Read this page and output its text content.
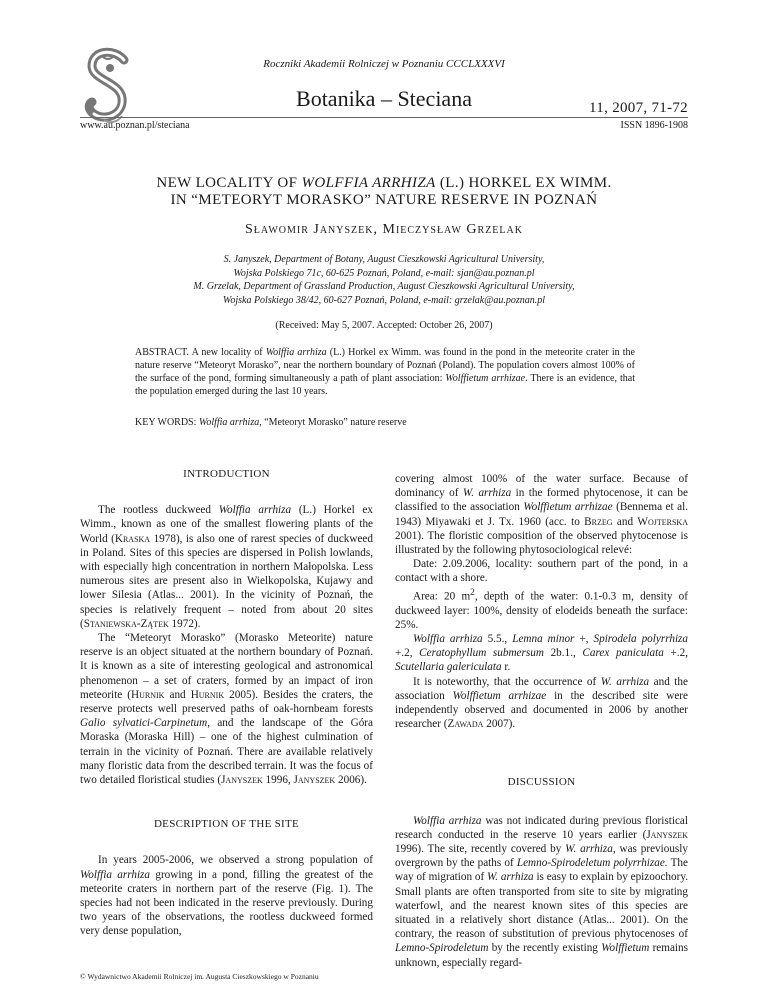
Roczniki Akademii Rolniczej w Poznaniu CCCLXXXVI
Botanika – Steciana	11, 2007, 71-72
www.au.poznan.pl/steciana	ISSN 1896-1908
NEW LOCALITY OF WOLFFIA ARRHIZA (L.) HORKEL EX WIMM.
IN “METEORYT MORASKO” NATURE RESERVE IN POZNAŃ
Sławomir Janyszek, Mieczysław Grzelak
S. Janyszek, Department of Botany, August Cieszkowski Agricultural University,
Wojska Polskiego 71c, 60-625 Poznań, Poland, e-mail: sjan@au.poznan.pl
M. Grzelak, Department of Grassland Production, August Cieszkowski Agricultural University,
Wojska Polskiego 38/42, 60-627 Poznań, Poland, e-mail: grzelak@au.poznan.pl
(Received: May 5, 2007. Accepted: October 26, 2007)
ABSTRACT. A new locality of Wolffia arrhiza (L.) Horkel ex Wimm. was found in the pond in the meteorite crater in the nature reserve “Meteoryt Morasko”, near the northern boundary of Poznań (Poland). The population covers almost 100% of the surface of the pond, forming simultaneously a path of plant association: Wolffietum arrhizae. There is an evidence, that the population emerged during the last 10 years.
KEY WORDS: Wolffia arrhiza, “Meteoryt Morasko” nature reserve
INTRODUCTION

The rootless duckweed Wolffia arrhiza (L.) Horkel ex Wimm., known as one of the smallest flowering plants of the World (Kraska 1978), is also one of rarest species of duckweed in Poland. Sites of this species are dispersed in Polish lowlands, with especially high concentration in northern Małopolska. Less numerous sites are present also in Wielkopolska, Kujawy and lower Silesia (Atlas... 2001). In the vicinity of Poznań, the species is relatively frequent – noted from about 20 sites (Staniewska-Zątek 1972).

The “Meteoryt Morasko” (Morasko Meteorite) nature reserve is an object situated at the northern boundary of Poznań. It is known as a site of interesting geological and astronomical phenomenon – a set of craters, formed by an impact of iron meteorite (Hurnik and Hurnik 2005). Besides the craters, the reserve protects well preserved paths of oak-hornbeam forests Galio sylvatici-Carpinetum, and the landscape of the Góra Moraska (Moraska Hill) – one of the highest culmination of terrain in the vicinity of Poznań. There are available relatively many floristic data from the described terrain. It was the focus of two detailed floristical studies (Janyszek 1996, Janyszek 2006).

DESCRIPTION OF THE SITE

In years 2005-2006, we observed a strong population of Wolffia arrhiza growing in a pond, filling the greatest of the meteorite craters in northern part of the reserve (Fig. 1). The species had not been indicated in the reserve previously. During two years of the observations, the rootless duckweed formed very dense population,

covering almost 100% of the water surface. Because of dominancy of W. arrhiza in the formed phytocenose, it can be classified to the association Wolffietum arrhizae (Bennema et al. 1943) Miyawaki et J. Tx. 1960 (acc. to Brzeg and Wojterska 2001). The floristic composition of the observed phytocenose is illustrated by the following phytosociological relevé:

Date: 2.09.2006, locality: southern part of the pond, in a contact with a shore.

Area: 20 $m^2$, depth of the water: 0.1-0.3 m, density of duckweed layer: 100%, density of elodeids beneath the surface: 25%.

Wolffia arrhiza 5.5., Lemna minor +, Spirodela polyrrhiza +.2, Ceratophyllum submersum 2b.1., Carex paniculata +.2, Scutellaria galericulata r.

It is noteworthy, that the occurrence of W. arrhiza and the association Wolffietum arrhizae in the described site were independently observed and documented in 2006 by another researcher (Zawada 2007).

DISCUSSION

Wolffia arrhiza was not indicated during previous floristical research conducted in the reserve 10 years earlier (Janyszek 1996). The site, recently covered by W. arrhiza, was previously overgrown by the paths of Lemno-Spirodeletum polyrrhizae. The way of migration of W. arrhiza is easy to explain by epizoochory. Small plants are often transported from site to site by migrating waterfowl, and the nearest known sites of this species are situated in a relatively short distance (Atlas... 2001). On the contrary, the reason of substitution of previous phytocenoses of Lemno-Spirodeletum by the recently existing Wolffietum remains unknown, especially regard-

© Wydawnictwo Akademii Rolniczej im. Augusta Cieszkowskiego w Poznaniu
